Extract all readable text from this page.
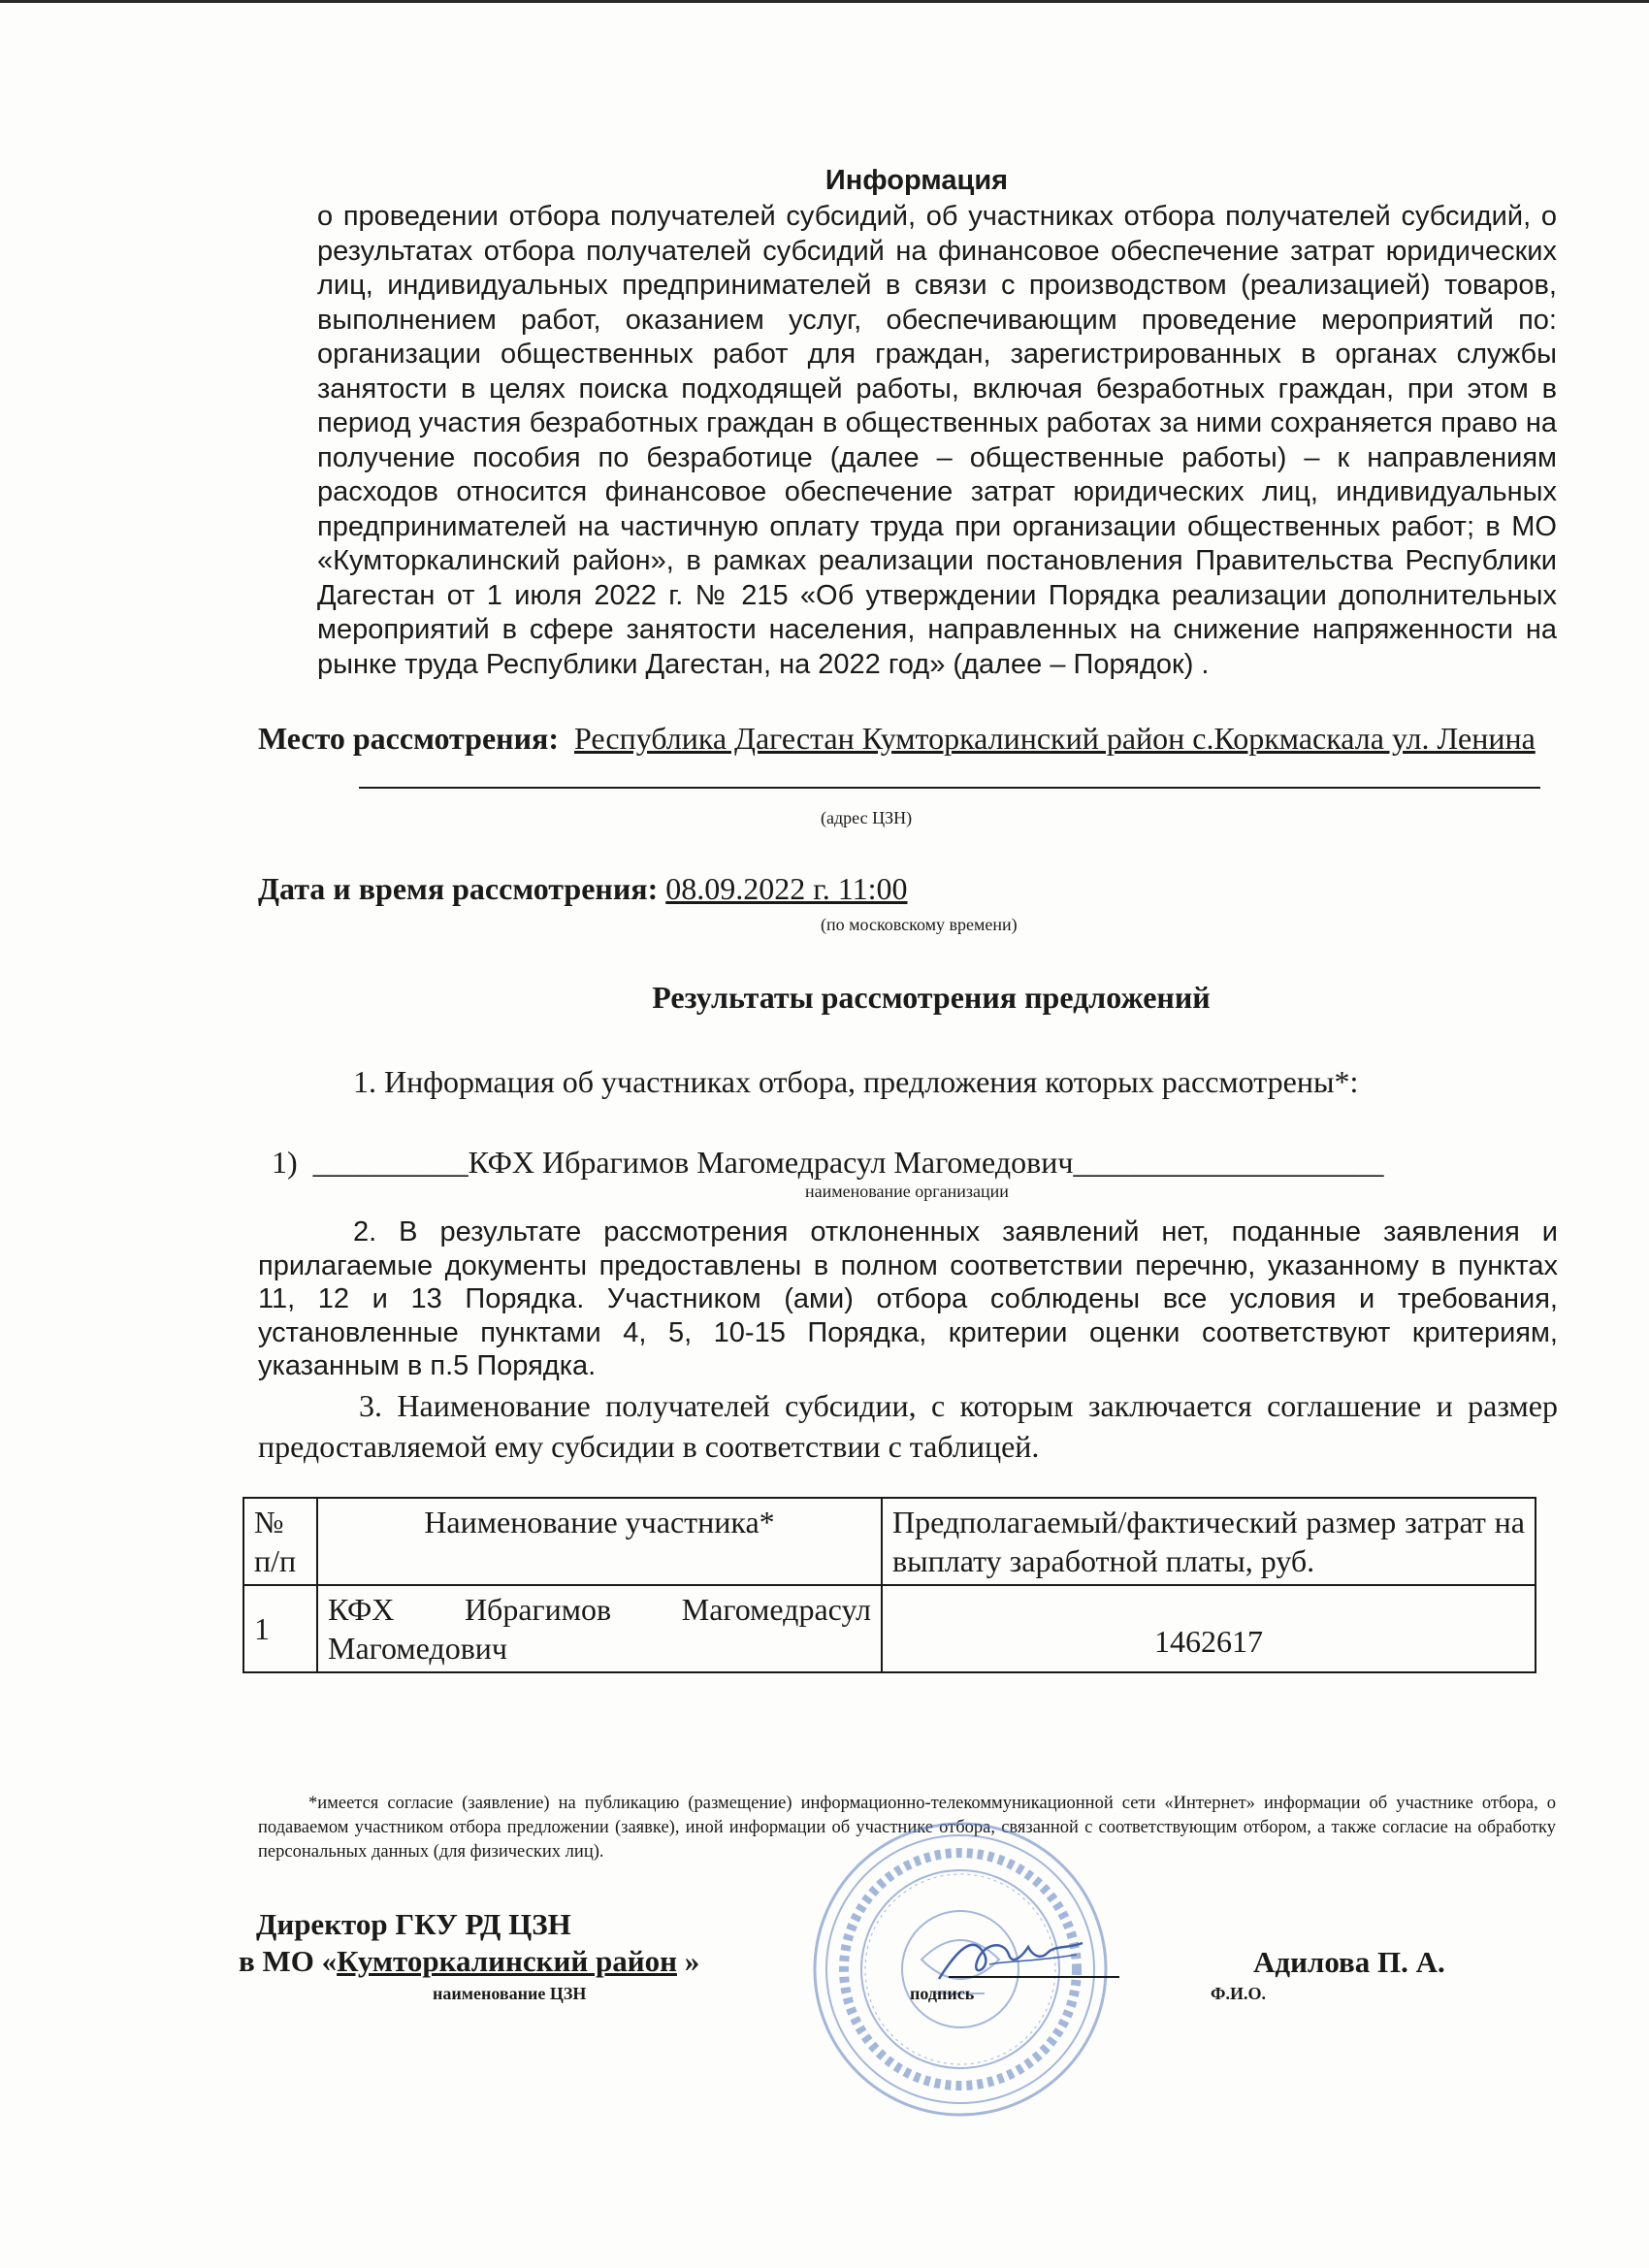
Информация
о проведении отбора получателей субсидий, об участниках отбора получателей субсидий, о результатах отбора получателей субсидий на финансовое обеспечение затрат юридических лиц, индивидуальных предпринимателей в связи с производством (реализацией) товаров, выполнением работ, оказанием услуг, обеспечивающим проведение мероприятий по: организации общественных работ для граждан, зарегистрированных в органах службы занятости в целях поиска подходящей работы, включая безработных граждан, при этом в период участия безработных граждан в общественных работах за ними сохраняется право на получение пособия по безработице (далее – общественные работы) – к направлениям расходов относится финансовое обеспечение затрат юридических лиц, индивидуальных предпринимателей на частичную оплату труда при организации общественных работ; в МО «Кумторкалинский район», в рамках реализации постановления Правительства Республики Дагестан от 1 июля 2022 г. № 215 «Об утверждении Порядка реализации дополнительных мероприятий в сфере занятости населения, направленных на снижение напряженности на рынке труда Республики Дагестан, на 2022 год» (далее – Порядок) .
Место рассмотрения: Республика Дагестан Кумторкалинский район с.Коркмаскала ул. Ленина
(адрес ЦЗН)
Дата и время рассмотрения: 08.09.2022 г. 11:00
(по московскому времени)
Результаты рассмотрения предложений
1. Информация об участниках отбора, предложения которых рассмотрены*:
1)  __________КФХ Ибрагимов Магомедрасул Магомедович____________________
наименование организации
2. В результате рассмотрения отклоненных заявлений нет, поданные заявления и прилагаемые документы предоставлены в полном соответствии перечню, указанному в пунктах 11, 12 и 13 Порядка. Участником (ами) отбора соблюдены все условия и требования, установленные пунктами 4, 5, 10-15 Порядка, критерии оценки соответствуют критериям, указанным в п.5 Порядка.
3. Наименование получателей субсидии, с которым заключается соглашение и размер предоставляемой ему субсидии в соответствии с таблицей.
№ п/п	Наименование участника*	Предполагаемый/фактический размер затрат на выплату заработной платы, руб.
1	КФХ Ибрагимов Магомедрасул Магомедович	1462617
*имеется согласие (заявление) на публикацию (размещение) информационно-телекоммуникационной сети «Интернет» информации об участнике отбора, о подаваемом участником отбора предложении (заявке), иной информации об участнике отбора, связанной с соответствующим отбором, а также согласие на обработку персональных данных (для физических лиц).
Директор ГКУ РД ЦЗН
в МО «Кумторкалинский район »
наименование ЦЗН	подпись
Адилова П. А.
Ф.И.О.
